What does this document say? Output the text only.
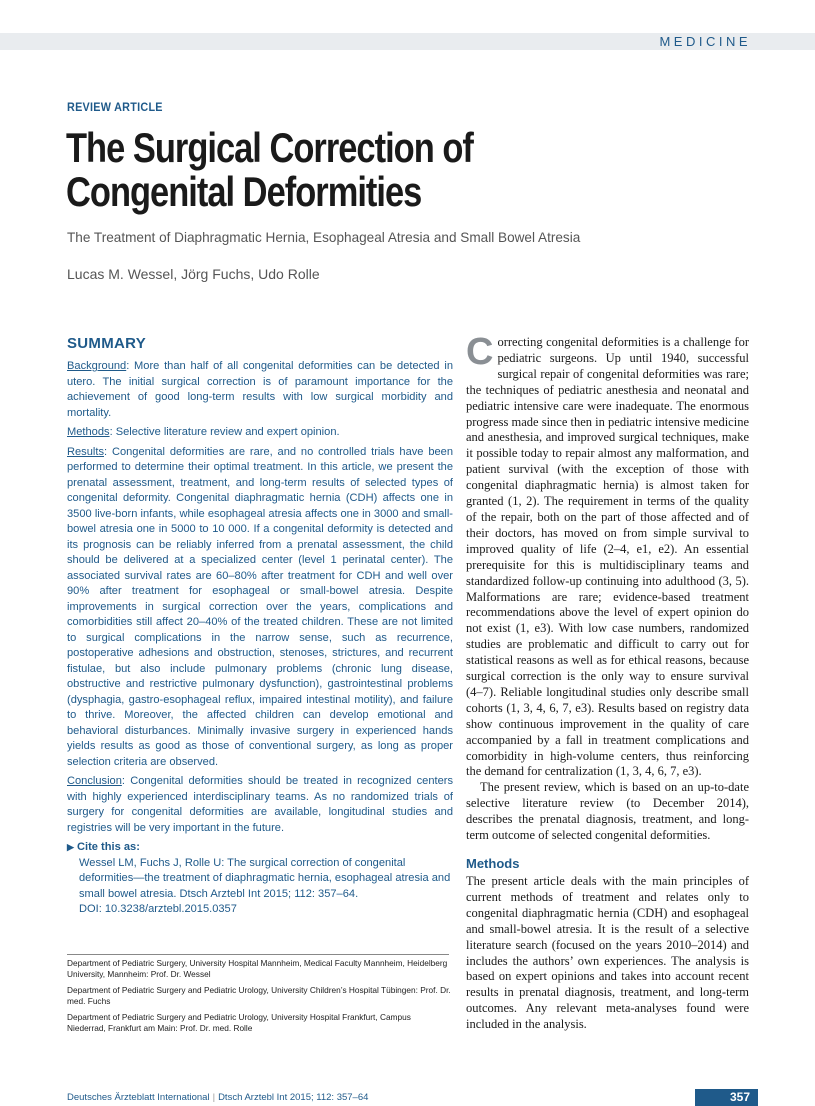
MEDICINE
REVIEW ARTICLE
The Surgical Correction of Congenital Deformities
The Treatment of Diaphragmatic Hernia, Esophageal Atresia and Small Bowel Atresia
Lucas M. Wessel, Jörg Fuchs, Udo Rolle
SUMMARY

Background: More than half of all congenital deformities can be detected in utero. The initial surgical correction is of paramount importance for the achievement of good long-term results with low surgical morbidity and mortality.

Methods: Selective literature review and expert opinion.

Results: Congenital deformities are rare, and no controlled trials have been performed to determine their optimal treatment. In this article, we present the prenatal assessment, treatment, and long-term results of selected types of congenital deformity. Congenital diaphragmatic hernia (CDH) affects one in 3500 live-born infants, while esophageal atresia affects one in 3000 and small-bowel atresia one in 5000 to 10 000. If a congenital deformity is detected and its prognosis can be reliably inferred from a prenatal assessment, the child should be delivered at a specialized center (level 1 perinatal center). The associated survival rates are 60–80% after treatment for CDH and well over 90% after treatment for esophageal or small-bowel atresia. Despite improvements in surgical correction over the years, complications and comorbidities still affect 20–40% of the treated children. These are not limited to surgical complications in the narrow sense, such as recurrence, postoperative adhesions and obstruction, stenoses, strictures, and recurrent fistulae, but also include pulmonary problems (chronic lung disease, obstructive and restrictive pulmonary dysfunction), gastrointestinal problems (dysphagia, gastro-esophageal reflux, impaired intestinal motility), and failure to thrive. Moreover, the affected children can develop emotional and behavioral disturbances. Minimally invasive surgery in experienced hands yields results as good as those of conventional surgery, as long as proper selection criteria are observed.

Conclusion: Congenital deformities should be treated in recognized centers with highly experienced interdisciplinary teams. As no randomized trials of surgery for congenital deformities are available, longitudinal studies and registries will be very important in the future.

▶ Cite this as:
Wessel LM, Fuchs J, Rolle U: The surgical correction of congenital deformities—the treatment of diaphragmatic hernia, esophageal atresia and small bowel atresia. Dtsch Arztebl Int 2015; 112: 357–64.
DOI: 10.3238/arztebl.2015.0357

Correcting congenital deformities is a challenge for pediatric surgeons. Up until 1940, successful surgical repair of congenital deformities was rare; the techniques of pediatric anesthesia and neonatal and pediatric intensive care were inadequate. The enormous progress made since then in pediatric intensive medicine and anesthesia, and improved surgical techniques, make it possible today to repair almost any malformation, and patient survival (with the exception of those with congenital diaphragmatic hernia) is almost taken for granted (1, 2). The requirement in terms of the quality of the repair, both on the part of those affected and of their doctors, has moved on from simple survival to improved quality of life (2–4, e1, e2). An essential prerequisite for this is multidisciplinary teams and standardized follow-up continuing into adulthood (3, 5). Malformations are rare; evidence-based treatment recommendations above the level of expert opinion do not exist (1, e3). With low case numbers, randomized studies are problematic and difficult to carry out for statistical reasons as well as for ethical reasons, because surgical correction is the only way to ensure survival (4–7). Reliable longitudinal studies only describe small cohorts (1, 3, 4, 6, 7, e3). Results based on registry data show continuous improvement in the quality of care accompanied by a fall in treatment complications and comorbidity in high-volume centers, thus reinforcing the demand for centralization (1, 3, 4, 6, 7, e3).

The present review, which is based on an up-to-date selective literature review (to December 2014), describes the prenatal diagnosis, treatment, and long-term outcome of selected congenital deformities.

Methods

The present article deals with the main principles of current methods of treatment and relates only to congenital diaphragmatic hernia (CDH) and esophageal and small-bowel atresia. It is the result of a selective literature search (focused on the years 2010–2014) and includes the authors’ own experiences. The analysis is based on expert opinions and takes into account recent results in prenatal diagnosis, treatment, and long-term outcomes. Any relevant meta-analyses found were included in the analysis.

Department of Pediatric Surgery, University Hospital Mannheim, Medical Faculty Mannheim, Heidelberg University, Mannheim: Prof. Dr. Wessel

Department of Pediatric Surgery and Pediatric Urology, University Children’s Hospital Tübingen: Prof. Dr. med. Fuchs

Department of Pediatric Surgery and Pediatric Urology, University Hospital Frankfurt, Campus Niederrad, Frankfurt am Main: Prof. Dr. med. Rolle

Deutsches Ärzteblatt International | Dtsch Arztebl Int 2015; 112: 357–64	357
